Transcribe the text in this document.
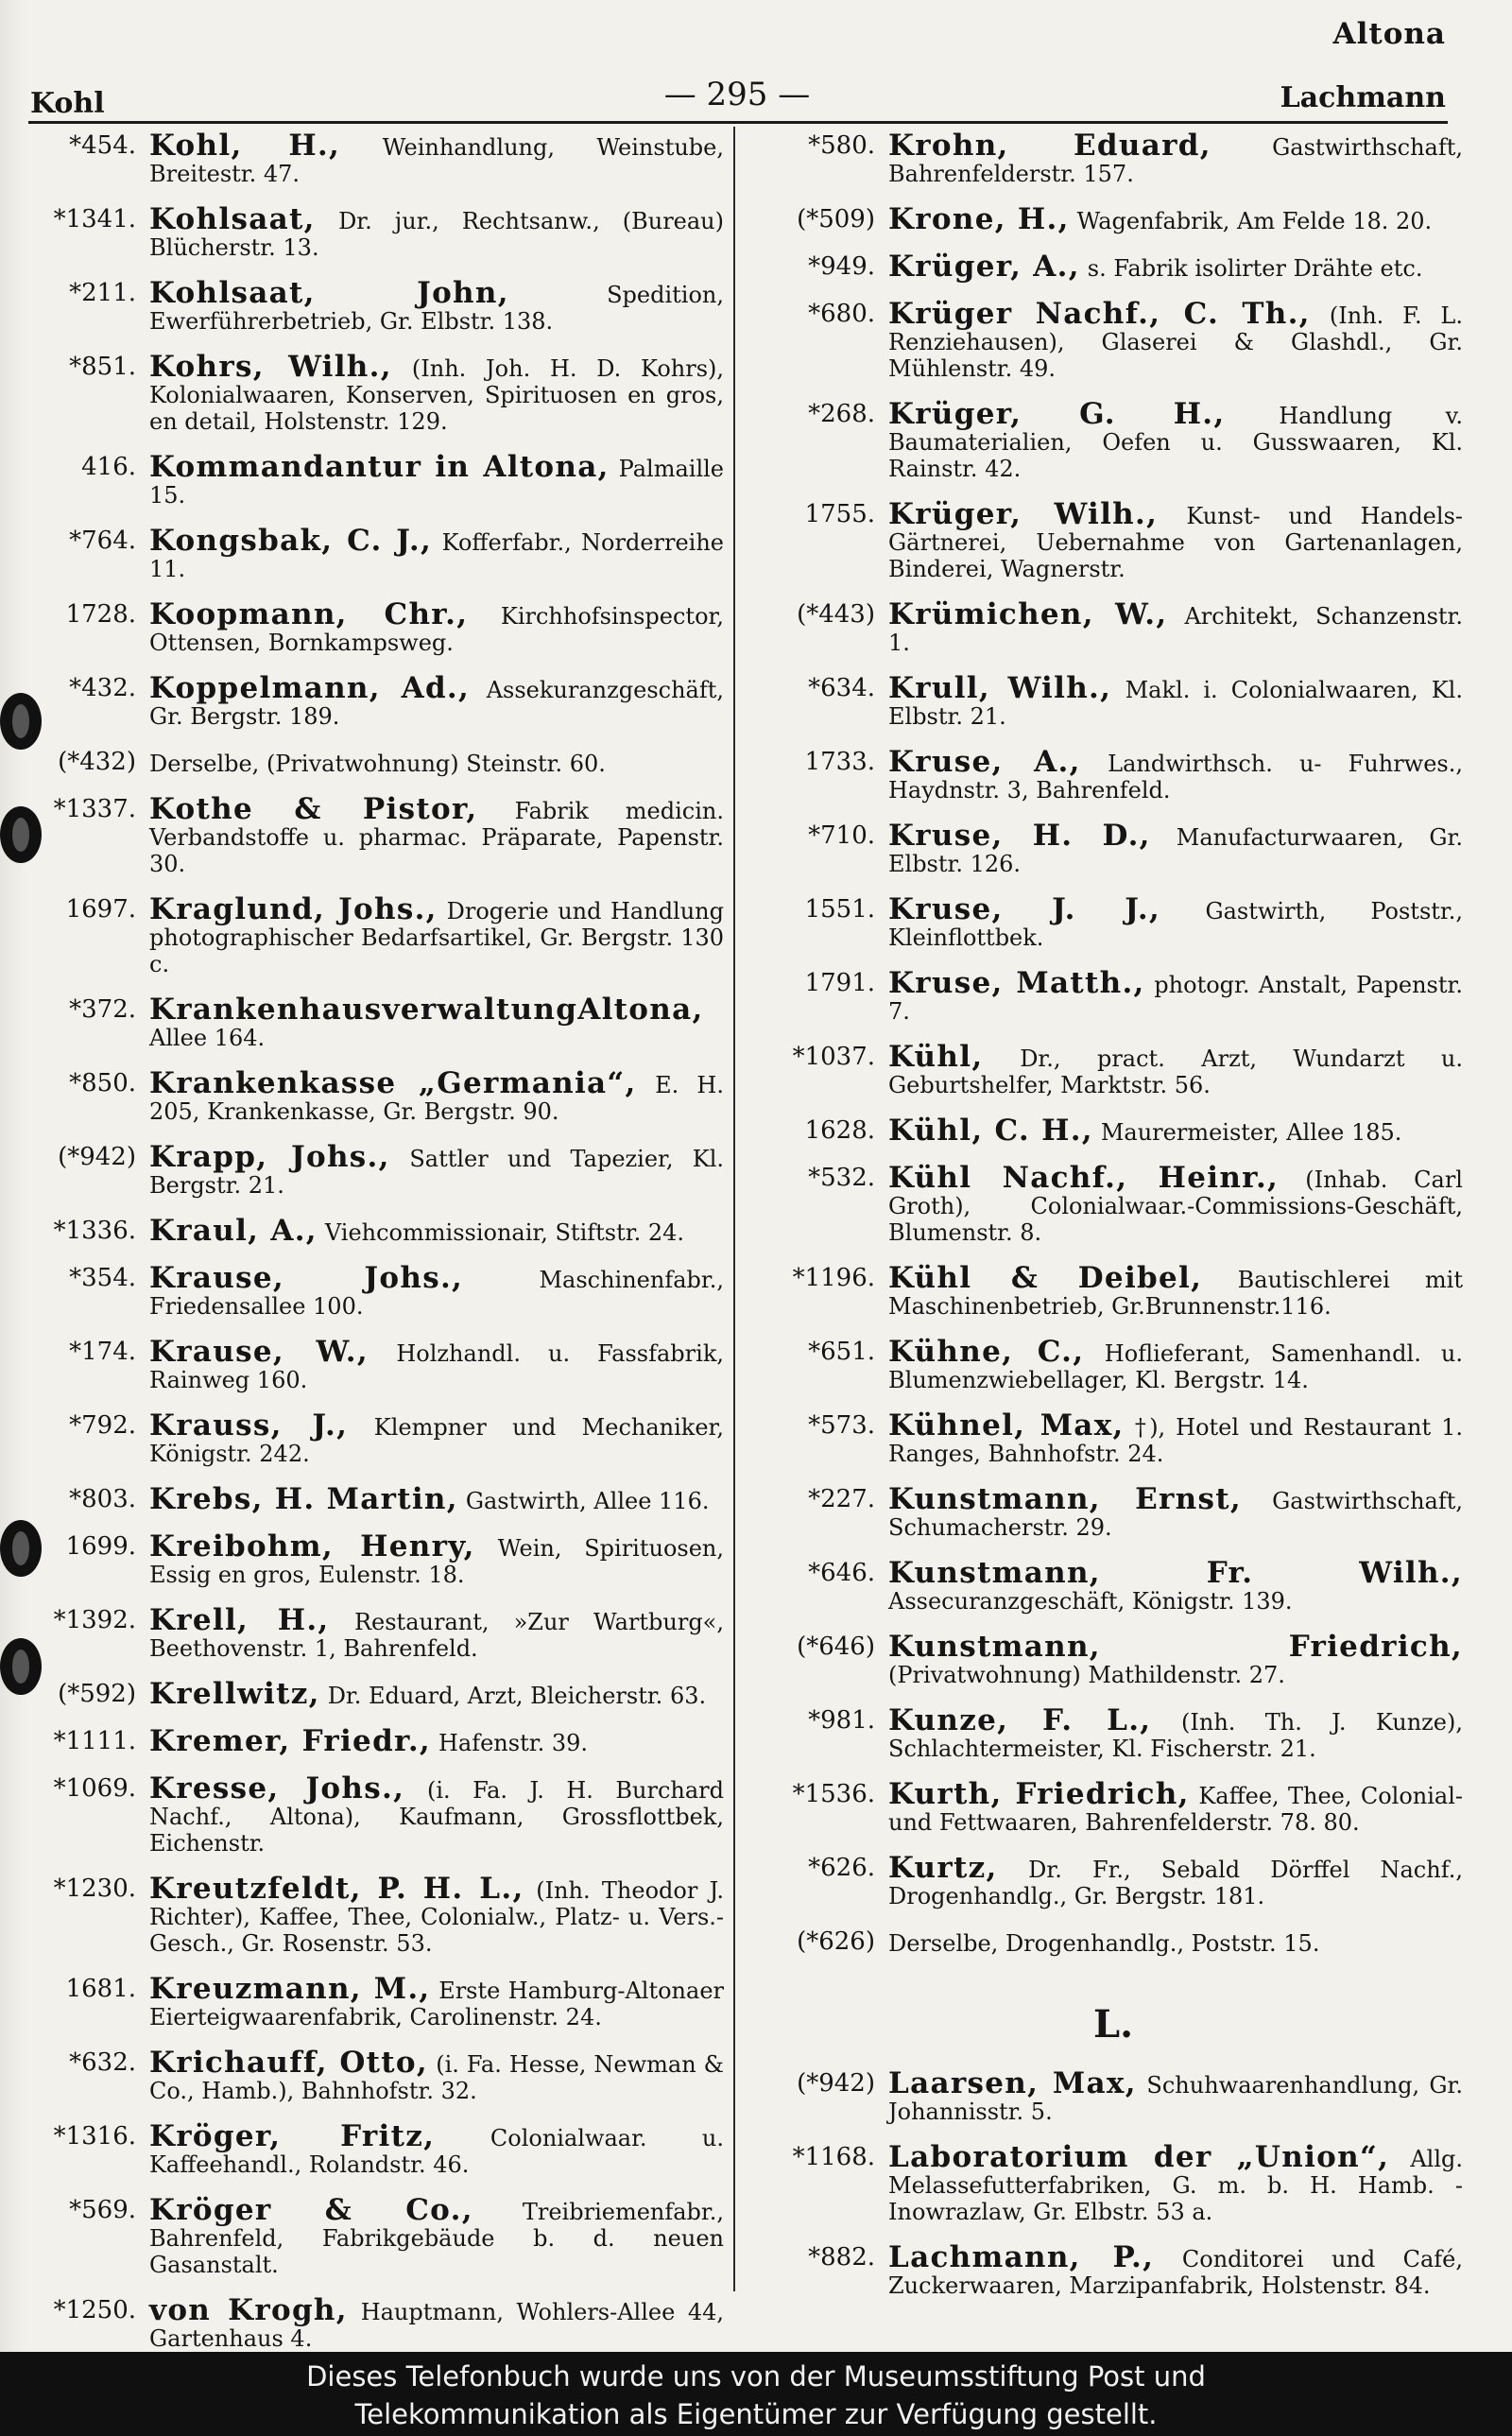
Altona
Kohl	— 295 —	Lachmann
*454. Kohl, H., Weinhandlung, Weinstube, Breitestr. 47.
*1341. Kohlsaat, Dr. jur., Rechtsanw., (Bureau) Blücherstr. 13.
*211. Kohlsaat, John,	Spedition, Ewerführerbetrieb, Gr. Elbstr. 138.
*851. Kohrs, Wilh., (Inh. Joh. H. D. Kohrs), Kolonialwaaren, Konserven, Spirituosen en gros, en detail, Holstenstr. 129.
416. Kommandantur in Altona, Palmaille 15.
*764. Kongsbak, C. J., Kofferfabr., Norderreihe 11.
1728. Koopmann, Chr., Kirchhofsinspector, Ottensen, Bornkampsweg.
*432. Koppelmann, Ad., Assekuranzgeschäft, Gr. Bergstr. 189.
(*432) Derselbe, (Privatwohnung) Steinstr. 60.
*1337. Kothe & Pistor, Fabrik medicin. Verbandstoffe u. pharmac. Präparate, Papenstr. 30.
1697. Kraglund, Johs., Drogerie und Handlung photographischer Bedarfsartikel, Gr. Bergstr. 130 c.
*372. KrankenhausverwaltungAltona, Allee 164.
*850. Krankenkasse „Germania“, E. H. 205, Krankenkasse, Gr. Bergstr. 90.
(*942) Krapp, Johs., Sattler und Tapezier, Kl. Bergstr. 21.
*1336. Kraul, A., Viehcommissionair, Stiftstr. 24.
*354. Krause, Johs.,	Maschinenfabr., Friedensallee 100.
*174. Krause, W., Holzhandl. u. Fassfabrik, Rainweg 160.
*792. Krauss, J., Klempner und Mechaniker, Königstr. 242.
*803. Krebs, H. Martin, Gastwirth, Allee 116.
1699. Kreibohm, Henry, Wein, Spirituosen, Essig en gros, Eulenstr. 18.
*1392. Krell, H., Restaurant, »Zur Wartburg«, Beethovenstr. 1, Bahrenfeld.
(*592) Krellwitz, Dr. Eduard, Arzt, Bleicherstr. 63.
*1111. Kremer, Friedr., Hafenstr. 39.
*1069. Kresse, Johs., (i. Fa. J. H. Burchard Nachf., Altona), Kaufmann, Grossflottbek, Eichenstr.
*1230. Kreutzfeldt, P. H. L., (Inh. Theodor J. Richter), Kaffee, Thee, Colonialw., Platz- u. Vers.-Gesch., Gr. Rosenstr. 53.
1681. Kreuzmann, M., Erste Hamburg-Altonaer Eierteigwaarenfabrik, Carolinenstr. 24.
*632. Krichauff, Otto, (i. Fa. Hesse, Newman & Co., Hamb.), Bahnhofstr. 32.
*1316. Kröger, Fritz, Colonialwaar. u. Kaffeehandl., Rolandstr. 46.
*569. Kröger & Co., Treibriemenfabr., Bahrenfeld, Fabrikgebäude b. d. neuen Gasanstalt.
*1250. von Krogh, Hauptmann, Wohlers-Allee 44, Gartenhaus 4.
*580. Krohn, Eduard,	Gastwirthschaft, Bahrenfelderstr. 157.
(*509) Krone, H., Wagenfabrik, Am Felde 18. 20.
*949. Krüger, A., s. Fabrik isolirter Drähte etc.
*680. Krüger Nachf., C. Th., (Inh. F. L. Renziehausen), Glaserei & Glashdl., Gr. Mühlenstr. 49.
*268. Krüger, G. H., Handlung v. Baumaterialien, Oefen u. Gusswaaren, Kl. Rainstr. 42.
1755. Krüger, Wilh., Kunst- und Handels-Gärtnerei, Uebernahme von Gartenanlagen, Binderei, Wagnerstr.
(*443) Krümichen, W., Architekt, Schanzenstr. 1.
*634. Krull, Wilh., Makl. i. Colonialwaaren, Kl. Elbstr. 21.
1733. Kruse, A., Landwirthsch. u- Fuhrwes., Haydnstr. 3, Bahrenfeld.
*710. Kruse, H. D., Manufacturwaaren, Gr. Elbstr. 126.
1551. Kruse, J. J., Gastwirth, Poststr., Kleinflottbek.
1791. Kruse, Matth., photogr. Anstalt, Papenstr. 7.
*1037. Kühl, Dr., pract. Arzt, Wundarzt u. Geburtshelfer, Marktstr. 56.
1628. Kühl, C. H., Maurermeister, Allee 185.
*532. Kühl Nachf., Heinr., (Inhab. Carl Groth), Colonialwaar.-Commissions-Geschäft, Blumenstr. 8.
*1196. Kühl & Deibel, Bautischlerei mit Maschinenbetrieb, Gr.Brunnenstr.116.
*651. Kühne, C., Hoflieferant, Samenhandl. u. Blumenzwiebellager, Kl. Bergstr. 14.
*573. Kühnel, Max, †), Hotel und Restaurant 1. Ranges, Bahnhofstr. 24.
*227. Kunstmann, Ernst, Gastwirthschaft, Schumacherstr. 29.
*646. Kunstmann, Fr. Wilh., Assecuranzgeschäft, Königstr. 139.
(*646) Kunstmann, Friedrich, (Privatwohnung) Mathildenstr. 27.
*981. Kunze, F. L., (Inh. Th. J. Kunze), Schlachtermeister, Kl. Fischerstr. 21.
*1536. Kurth, Friedrich, Kaffee, Thee, Colonial- und Fettwaaren, Bahrenfelderstr. 78. 80.
*626. Kurtz, Dr. Fr., Sebald Dörffel Nachf., Drogenhandlg., Gr. Bergstr. 181.
(*626) Derselbe, Drogenhandlg., Poststr. 15.
L.
(*942) Laarsen, Max, Schuhwaarenhandlung, Gr. Johannisstr. 5.
*1168. Laboratorium der „Union“, Allg. Melassefutterfabriken, G. m. b. H. Hamb. - Inowrazlaw, Gr. Elbstr. 53 a.
*882. Lachmann, P., Conditorei und Café, Zuckerwaaren, Marzipanfabrik, Holstenstr. 84.
Dieses Telefonbuch wurde uns von der Museumsstiftung Post und
Telekommunikation als Eigentümer zur Verfügung gestellt.
